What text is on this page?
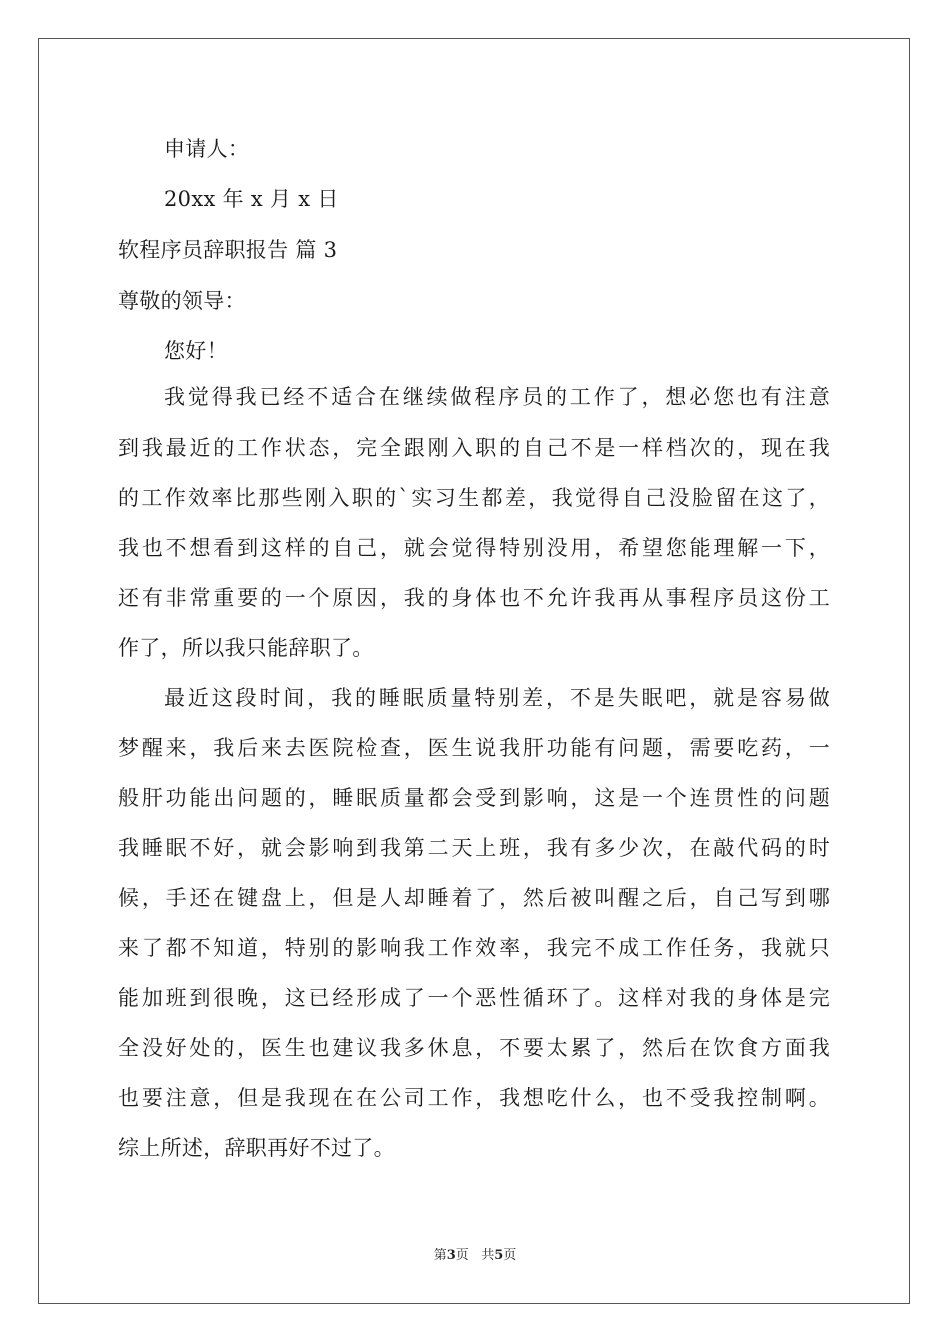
申请人：
20xx 年 x 月 x 日
软程序员辞职报告 篇 3
尊敬的领导：
您好！
我觉得我已经不适合在继续做程序员的工作了，想必您也有注意
到我最近的工作状态，完全跟刚入职的自己不是一样档次的，现在我
的工作效率比那些刚入职的`实习生都差，我觉得自己没脸留在这了，
我也不想看到这样的自己，就会觉得特别没用，希望您能理解一下，
还有非常重要的一个原因，我的身体也不允许我再从事程序员这份工
作了，所以我只能辞职了。
最近这段时间，我的睡眠质量特别差，不是失眠吧，就是容易做
梦醒来，我后来去医院检查，医生说我肝功能有问题，需要吃药，一
般肝功能出问题的，睡眠质量都会受到影响，这是一个连贯性的问题
我睡眠不好，就会影响到我第二天上班，我有多少次，在敲代码的时
候，手还在键盘上，但是人却睡着了，然后被叫醒之后，自己写到哪
来了都不知道，特别的影响我工作效率，我完不成工作任务，我就只
能加班到很晚，这已经形成了一个恶性循环了。这样对我的身体是完
全没好处的，医生也建议我多休息，不要太累了，然后在饮食方面我
也要注意，但是我现在在公司工作，我想吃什么，也不受我控制啊。
综上所述，辞职再好不过了。
第3页 共5页
